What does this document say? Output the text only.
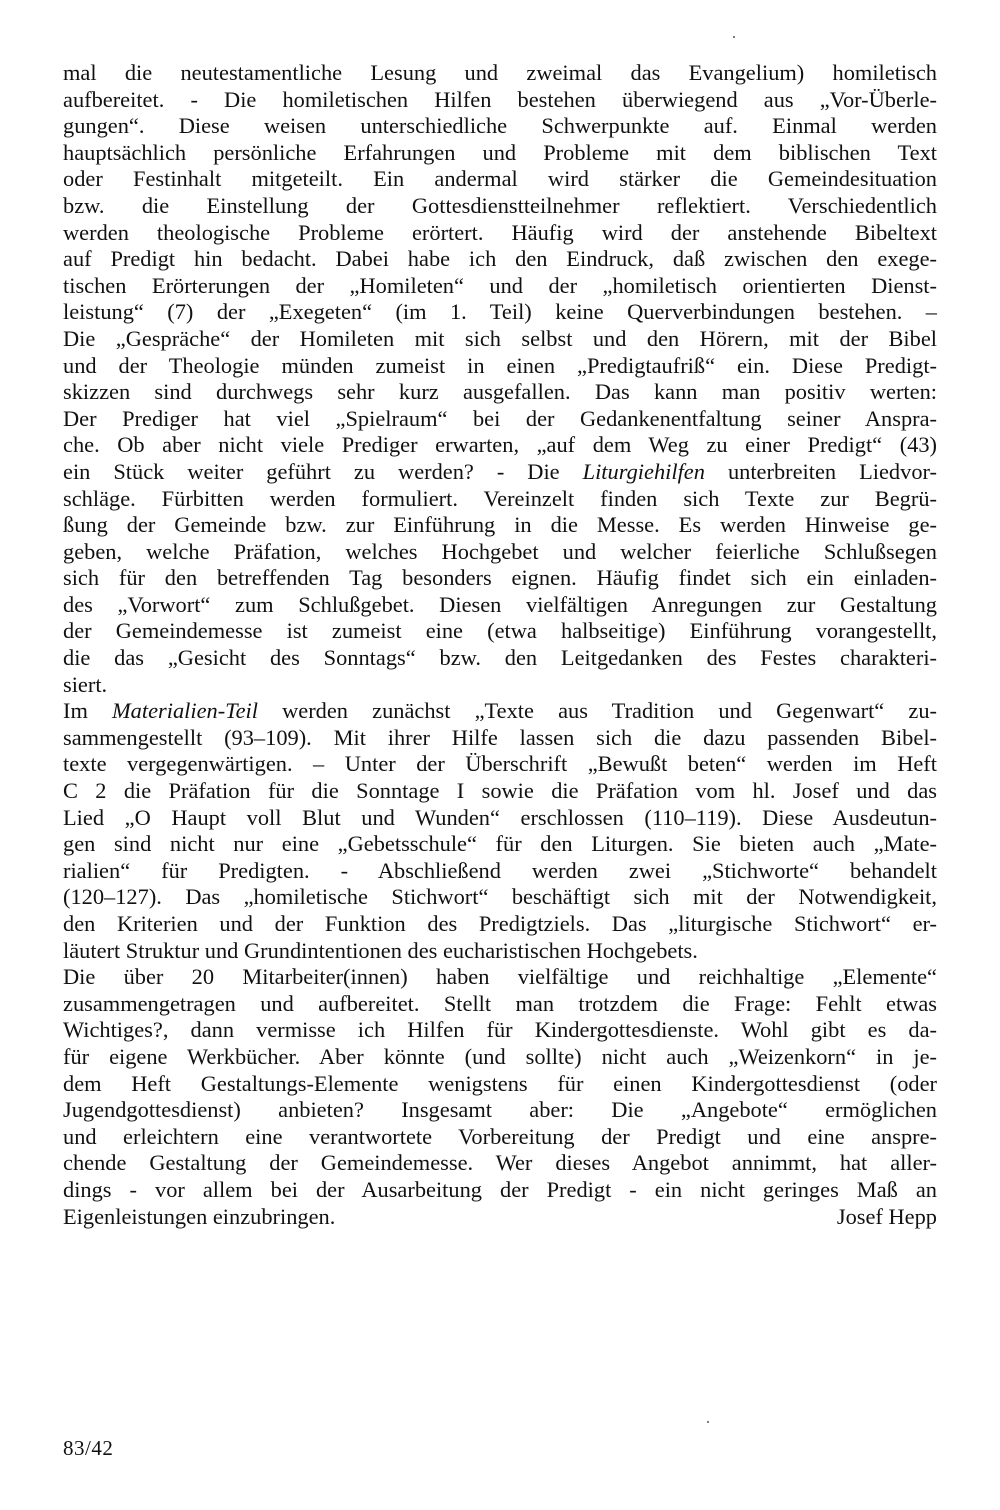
mal die neutestamentliche Lesung und zweimal das Evangelium) homiletisch
aufbereitet. - Die homiletischen Hilfen bestehen überwiegend aus „Vor-Überle-
gungen“. Diese weisen unterschiedliche Schwerpunkte auf. Einmal werden
hauptsächlich persönliche Erfahrungen und Probleme mit dem biblischen Text
oder Festinhalt mitgeteilt. Ein andermal wird stärker die Gemeindesituation
bzw. die Einstellung der Gottesdienstteilnehmer reflektiert. Verschiedentlich
werden theologische Probleme erörtert. Häufig wird der anstehende Bibeltext
auf Predigt hin bedacht. Dabei habe ich den Eindruck, daß zwischen den exege-
tischen Erörterungen der „Homileten“ und der „homiletisch orientierten Dienst-
leistung“ (7) der „Exegeten“ (im 1. Teil) keine Querverbindungen bestehen. –
Die „Gespräche“ der Homileten mit sich selbst und den Hörern, mit der Bibel
und der Theologie münden zumeist in einen „Predigtaufriß“ ein. Diese Predigt-
skizzen sind durchwegs sehr kurz ausgefallen. Das kann man positiv werten:
Der Prediger hat viel „Spielraum“ bei der Gedankenentfaltung seiner Anspra-
che. Ob aber nicht viele Prediger erwarten, „auf dem Weg zu einer Predigt“ (43)
ein Stück weiter geführt zu werden? - Die Liturgiehilfen unterbreiten Liedvor-
schläge. Fürbitten werden formuliert. Vereinzelt finden sich Texte zur Begrü-
ßung der Gemeinde bzw. zur Einführung in die Messe. Es werden Hinweise ge-
geben, welche Präfation, welches Hochgebet und welcher feierliche Schlußsegen
sich für den betreffenden Tag besonders eignen. Häufig findet sich ein einladen-
des „Vorwort“ zum Schlußgebet. Diesen vielfältigen Anregungen zur Gestaltung
der Gemeindemesse ist zumeist eine (etwa halbseitige) Einführung vorangestellt,
die das „Gesicht des Sonntags“ bzw. den Leitgedanken des Festes charakteri-
siert.
Im Materialien-Teil werden zunächst „Texte aus Tradition und Gegenwart“ zu-
sammengestellt (93–109). Mit ihrer Hilfe lassen sich die dazu passenden Bibel-
texte vergegenwärtigen. – Unter der Überschrift „Bewußt beten“ werden im Heft
C 2 die Präfation für die Sonntage I sowie die Präfation vom hl. Josef und das
Lied „O Haupt voll Blut und Wunden“ erschlossen (110–119). Diese Ausdeutun-
gen sind nicht nur eine „Gebetsschule“ für den Liturgen. Sie bieten auch „Mate-
rialien“ für Predigten. - Abschließend werden zwei „Stichworte“ behandelt
(120–127). Das „homiletische Stichwort“ beschäftigt sich mit der Notwendigkeit,
den Kriterien und der Funktion des Predigtziels. Das „liturgische Stichwort“ er-
läutert Struktur und Grundintentionen des eucharistischen Hochgebets.
Die über 20 Mitarbeiter(innen) haben vielfältige und reichhaltige „Elemente“
zusammengetragen und aufbereitet. Stellt man trotzdem die Frage: Fehlt etwas
Wichtiges?, dann vermisse ich Hilfen für Kindergottesdienste. Wohl gibt es da-
für eigene Werkbücher. Aber könnte (und sollte) nicht auch „Weizenkorn“ in je-
dem Heft Gestaltungs-Elemente wenigstens für einen Kindergottesdienst (oder
Jugendgottesdienst) anbieten? Insgesamt aber: Die „Angebote“ ermöglichen
und erleichtern eine verantwortete Vorbereitung der Predigt und eine anspre-
chende Gestaltung der Gemeindemesse. Wer dieses Angebot annimmt, hat aller-
dings - vor allem bei der Ausarbeitung der Predigt - ein nicht geringes Maß an
Eigenleistungen einzubringen.	Josef Hepp
83/42
